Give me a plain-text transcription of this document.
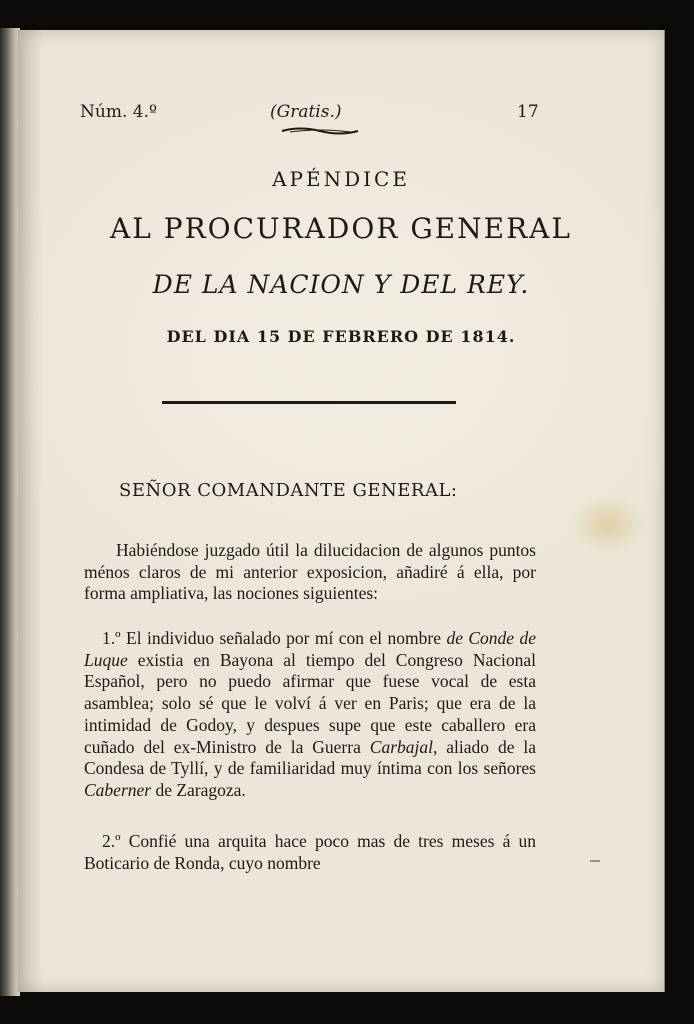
Núm. 4.º	(Gratis.)	17
APÉNDICE
AL PROCURADOR GENERAL
DE LA NACION Y DEL REY.
DEL DIA 15 DE FEBRERO DE 1814.
SEÑOR COMANDANTE GENERAL:
Habiéndose juzgado útil la dilucidacion de algunos puntos ménos claros de mi anterior exposicion, añadiré á ella, por forma ampliativa, las nociones siguientes:
1.º El individuo señalado por mí con el nombre de Conde de Luque existia en Bayona al tiempo del Congreso Nacional Español, pero no puedo afirmar que fuese vocal de esta asamblea; solo sé que le volví á ver en Paris; que era de la intimidad de Godoy, y despues supe que este caballero era cuñado del ex-Ministro de la Guerra Carbajal, aliado de la Condesa de Tyllí, y de familiaridad muy íntima con los señores Caberner de Zaragoza.
2.º Confié una arquita hace poco mas de tres meses á un Boticario de Ronda, cuyo nombre
